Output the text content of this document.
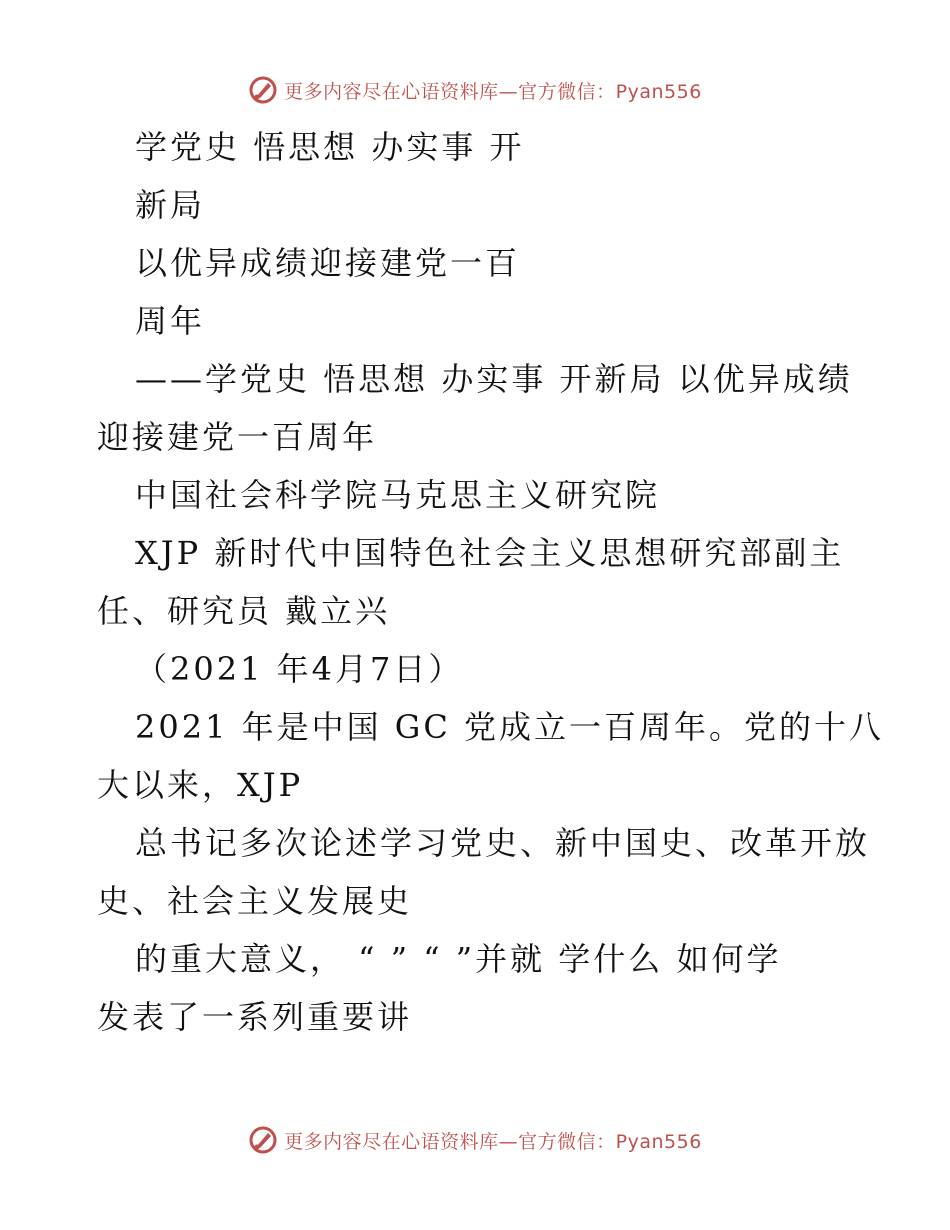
更多内容尽在心语资料库—官方微信：Pyan556
学党史 悟思想 办实事 开
新局
以优异成绩迎接建党一百
周年
——学党史 悟思想 办实事 开新局 以优异成绩
迎接建党一百周年
中国社会科学院马克思主义研究院
XJP 新时代中国特色社会主义思想研究部副主
任、研究员 戴立兴
（2021 年4月7日）
2021 年是中国 GC 党成立一百周年。党的十八
大以来，XJP
总书记多次论述学习党史、新中国史、改革开放
史、社会主义发展史
的重大意义， “ ” “ ”并就 学什么 如何学
发表了一系列重要讲
更多内容尽在心语资料库—官方微信：Pyan556
